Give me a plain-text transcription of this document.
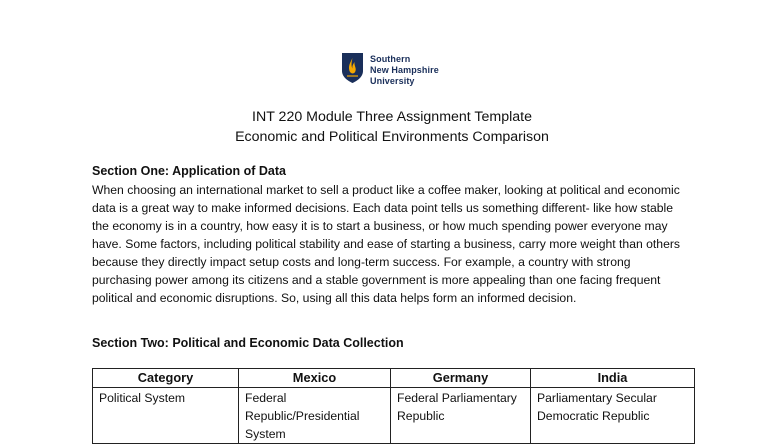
Southern
New Hampshire
University
INT 220 Module Three Assignment Template
Economic and Political Environments Comparison
Section One: Application of Data
When choosing an international market to sell a product like a coffee maker, looking at political and economic data is a great way to make informed decisions. Each data point tells us something different- like how stable the economy is in a country, how easy it is to start a business, or how much spending power everyone may have. Some factors, including political stability and ease of starting a business, carry more weight than others because they directly impact setup costs and long-term success. For example, a country with strong purchasing power among its citizens and a stable government is more appealing than one facing frequent political and economic disruptions. So, using all this data helps form an informed decision.
Section Two: Political and Economic Data Collection
Category	Mexico	Germany	India
Political System	Federal Republic/Presidential System	Federal Parliamentary Republic	Parliamentary Secular Democratic Republic
